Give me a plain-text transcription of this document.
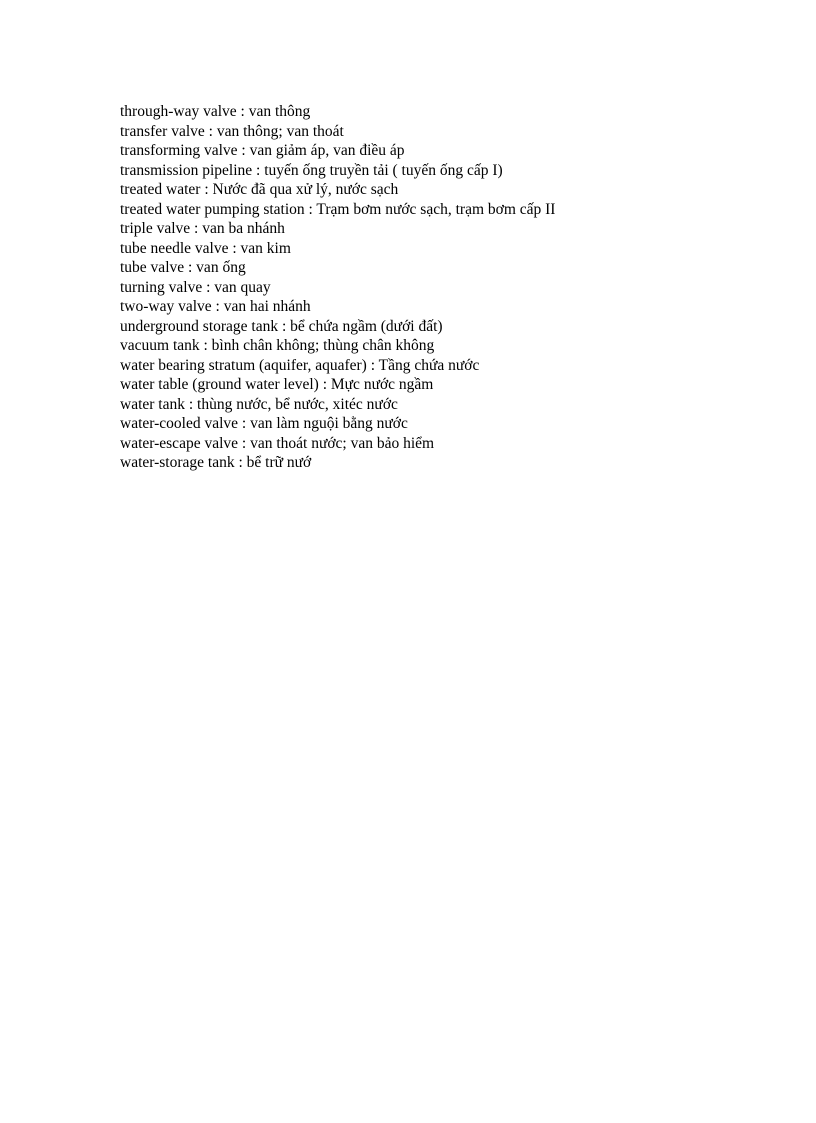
through-way valve : van thông
transfer valve : van thông; van thoát
transforming valve : van giảm áp, van điều áp
transmission pipeline : tuyến ống truyền tải ( tuyến ống cấp I)
treated water : Nước đã qua xử lý, nước sạch
treated water pumping station : Trạm bơm nước sạch, trạm bơm cấp II
triple valve : van ba nhánh
tube needle valve : van kim
tube valve : van ống
turning valve : van quay
two-way valve : van hai nhánh
underground storage tank : bể chứa ngầm (dưới đất)
vacuum tank : bình chân không; thùng chân không
water bearing stratum (aquifer, aquafer) : Tầng chứa nước
water table (ground water level) : Mực nước ngầm
water tank : thùng nước, bể nước, xitéc nước
water-cooled valve : van làm nguội bằng nước
water-escape valve : van thoát nước; van bảo hiểm
water-storage tank : bể trữ nướ
